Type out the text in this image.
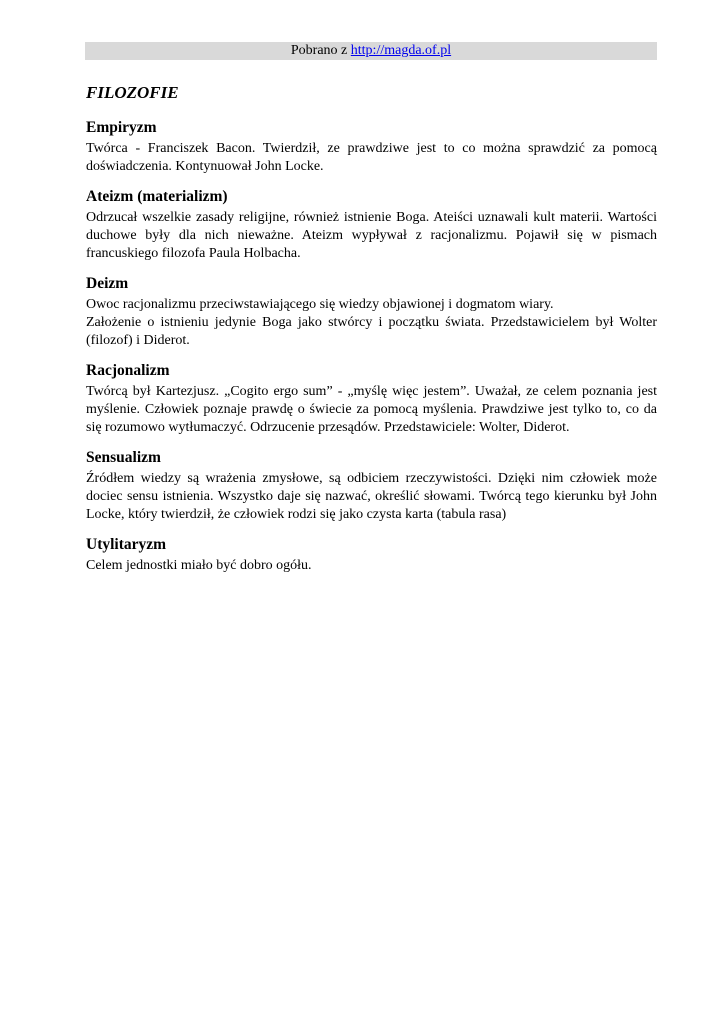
Pobrano z http://magda.of.pl
FILOZOFIE
Empiryzm

Twórca - Franciszek Bacon. Twierdził, ze prawdziwe jest to co można sprawdzić za pomocą doświadczenia. Kontynuował John Locke.

Ateizm (materializm)

Odrzucał wszelkie zasady religijne, również istnienie Boga. Ateiści uznawali kult materii. Wartości duchowe były dla nich nieważne. Ateizm wypływał z racjonalizmu. Pojawił się w pismach francuskiego filozofa Paula Holbacha.

Deizm

Owoc racjonalizmu przeciwstawiającego się wiedzy objawionej i dogmatom wiary.

Założenie o istnieniu jedynie Boga jako stwórcy i początku świata. Przedstawicielem był Wolter (filozof) i Diderot.

Racjonalizm

Twórcą był Kartezjusz. „Cogito ergo sum” - „myślę więc jestem”. Uważał, ze celem poznania jest myślenie. Człowiek poznaje prawdę o świecie za pomocą myślenia. Prawdziwe jest tylko to, co da się rozumowo wytłumaczyć. Odrzucenie przesądów. Przedstawiciele: Wolter, Diderot.

Sensualizm

Źródłem wiedzy są wrażenia zmysłowe, są odbiciem rzeczywistości. Dzięki nim człowiek może dociec sensu istnienia. Wszystko daje się nazwać, określić słowami. Twórcą tego kierunku był John Locke, który twierdził, że człowiek rodzi się jako czysta karta (tabula rasa)

Utylitaryzm

Celem jednostki miało być dobro ogółu.
